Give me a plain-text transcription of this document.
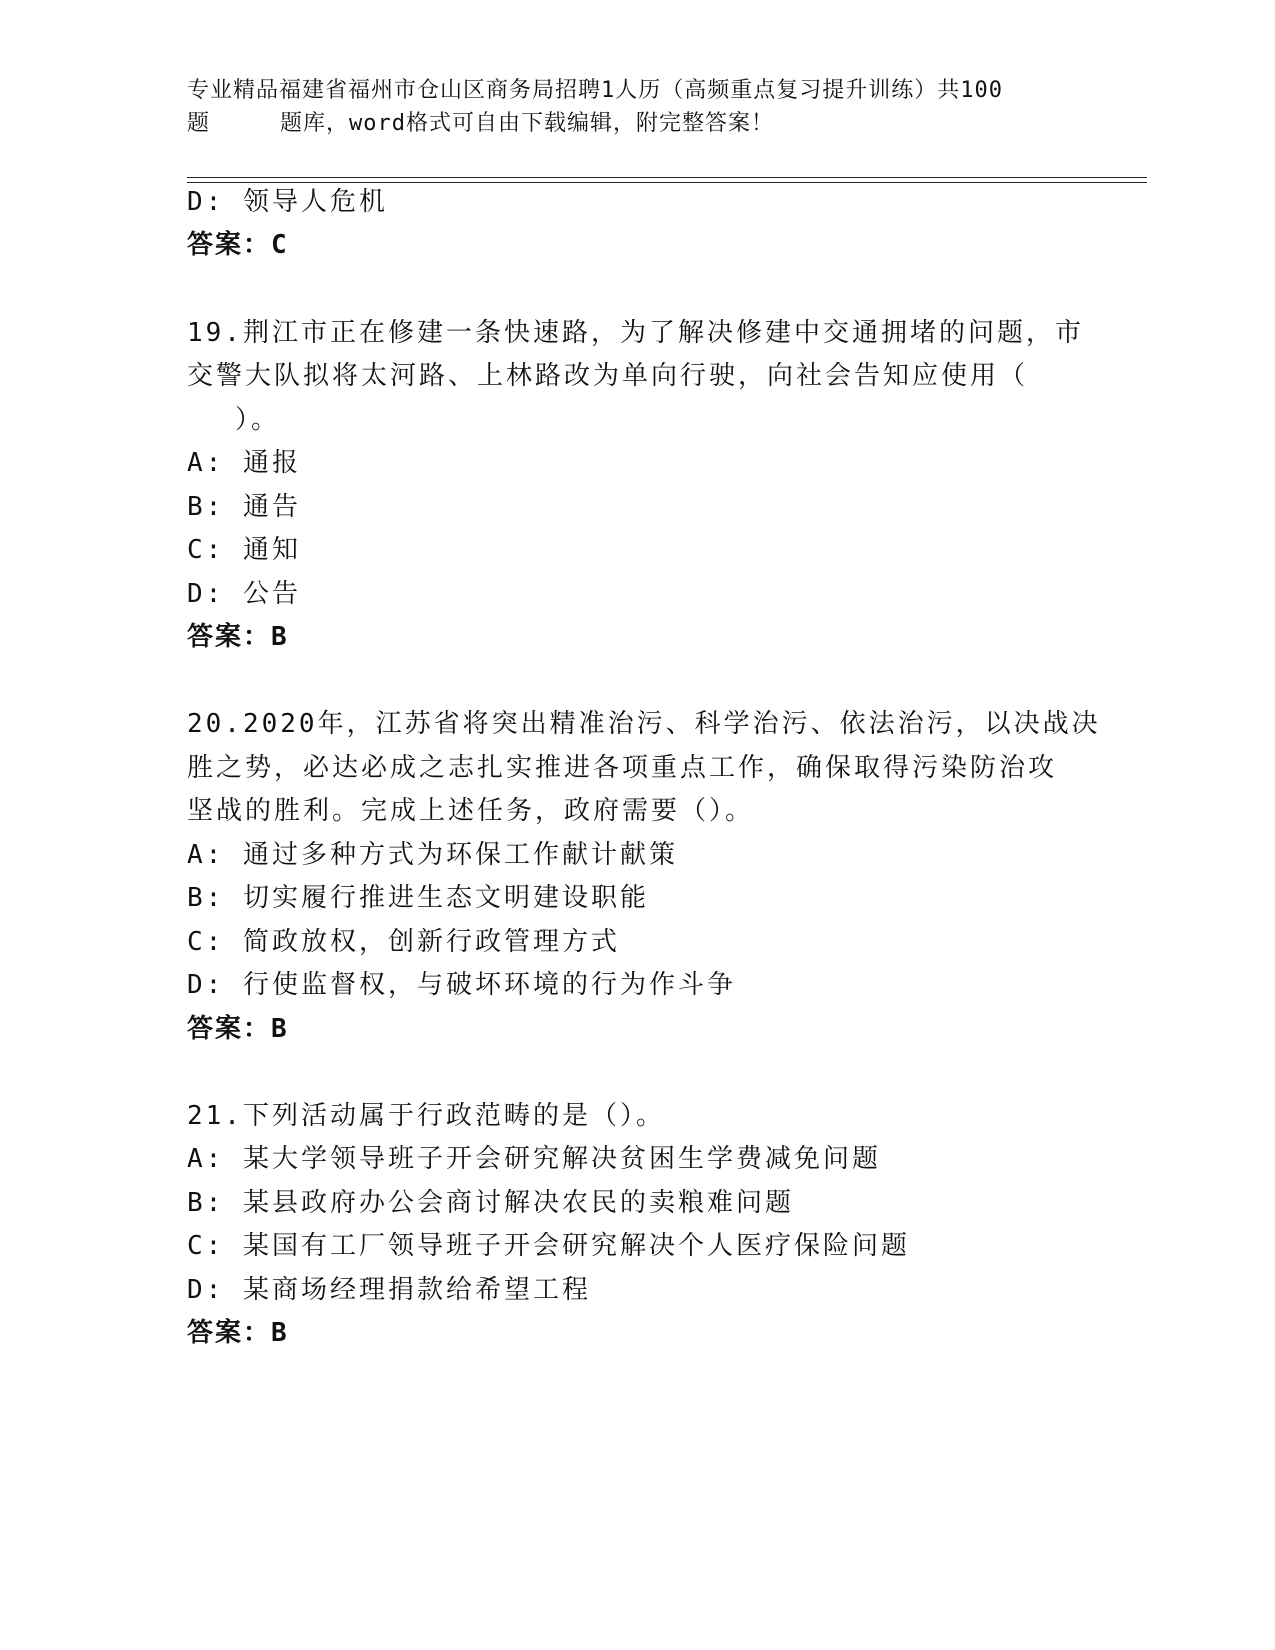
专业精品福建省福州市仓山区商务局招聘1人历（高频重点复习提升训练）共100
题	题库，word格式可自由下载编辑，附完整答案！
D: 领导人危机
答案：C
19.荆江市正在修建一条快速路，为了解决修建中交通拥堵的问题，市
交警大队拟将太河路、上林路改为单向行驶，向社会告知应使用（
）。
A: 通报
B: 通告
C: 通知
D: 公告
答案：B
20.2020年，江苏省将突出精准治污、科学治污、依法治污，以决战决
胜之势，必达必成之志扎实推进各项重点工作，确保取得污染防治攻
坚战的胜利。完成上述任务，政府需要（）。
A: 通过多种方式为环保工作献计献策
B: 切实履行推进生态文明建设职能
C: 简政放权，创新行政管理方式
D: 行使监督权，与破坏环境的行为作斗争
答案：B
21.下列活动属于行政范畴的是（）。
A: 某大学领导班子开会研究解决贫困生学费减免问题
B: 某县政府办公会商讨解决农民的卖粮难问题
C: 某国有工厂领导班子开会研究解决个人医疗保险问题
D: 某商场经理捐款给希望工程
答案：B
